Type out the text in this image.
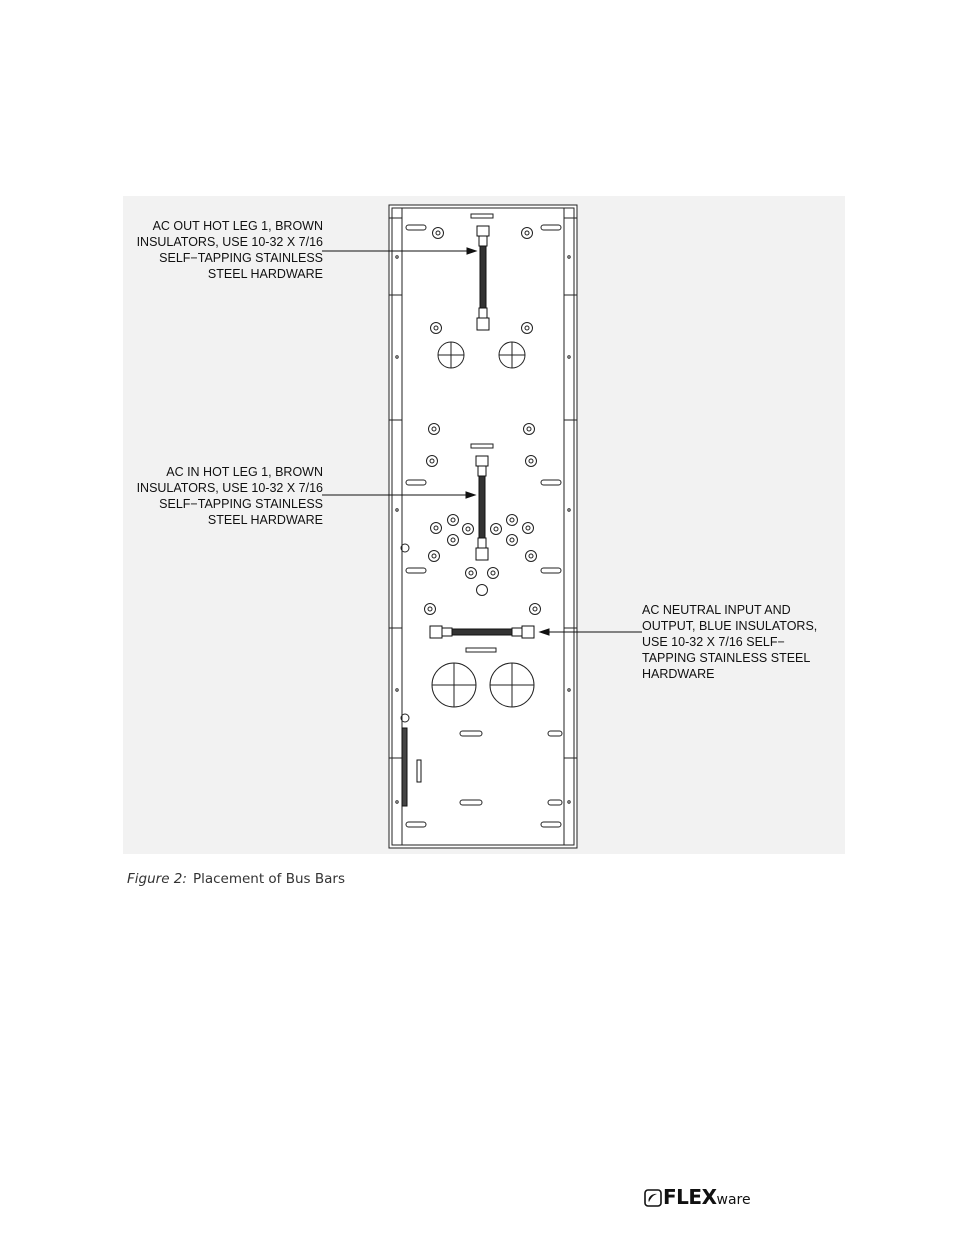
AC OUT HOT LEG 1, BROWN
INSULATORS, USE 10-32 X 7/16
SELF−TAPPING STAINLESS
STEEL HARDWARE
AC IN HOT LEG 1, BROWN
INSULATORS, USE 10-32 X 7/16
SELF−TAPPING STAINLESS
STEEL HARDWARE
AC NEUTRAL INPUT AND
OUTPUT, BLUE INSULATORS,
USE 10-32 X 7/16 SELF−
TAPPING STAINLESS STEEL
HARDWARE
Figure 2: Placement of Bus Bars
FLEX ware
